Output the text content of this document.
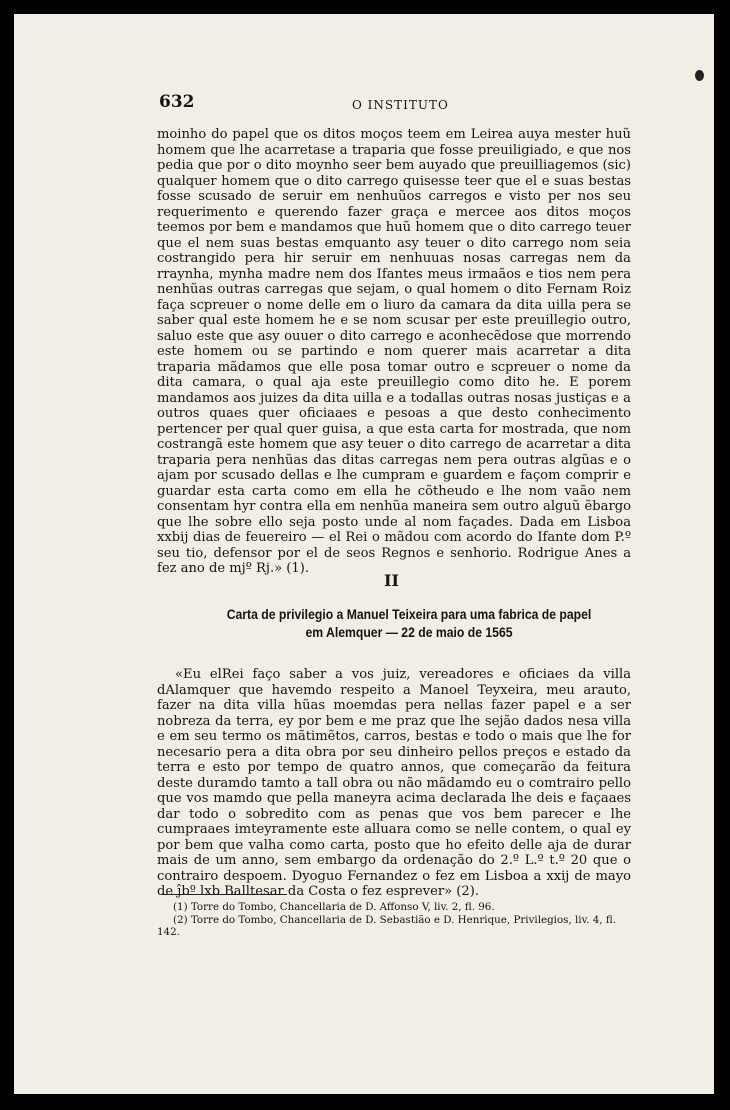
632	O INSTITUTO

moinho do papel que os ditos moços teem em Leirea auya mester huũ homem que lhe acarretase a traparia que fosse preuiligiado, e que nos pedia que por o dito moynho seer bem auyado que preuilliagemos (sic) qualquer homem que o dito carrego quisesse teer que el e suas bestas fosse scusado de seruir em nenhuũos carregos e visto per nos seu requerimento e querendo fazer graça e mercee aos ditos moços teemos por bem e mandamos que huũ homem que o dito carrego teuer que el nem suas bestas emquanto asy teuer o dito carrego nom seia costrangido pera hir seruir em nenhuuas nosas carregas nem da rraynha, mynha madre nem dos Ifantes meus irmaãos e tios nem pera nenhũas outras carregas que sejam, o qual homem o dito Fernam Roiz faça scpreuer o nome delle em o liuro da camara da dita uilla pera se saber qual este homem he e se nom scusar per este preuillegio outro, saluo este que asy ouuer o dito carrego e aconhecẽdose que morrendo este homem ou se partindo e nom querer mais acarretar a dita traparia mãdamos que elle posa tomar outro e scpreuer o nome da dita camara, o qual aja este preuillegio como dito he. E porem mandamos aos juizes da dita uilla e a todallas outras nosas justiças e a outros quaes quer oficiaaes e pesoas a que desto conhecimento pertencer per qual quer guisa, a que esta carta for mostrada, que nom costrangã este homem que asy teuer o dito carrego de acarretar a dita traparia pera nenhũas das ditas carregas nem pera outras algũas e o ajam por scusado dellas e lhe cumpram e guardem e façom comprir e guardar esta carta como em ella he cõtheudo e lhe nom vaão nem consentam hyr contra ella em nenhũa maneira sem outro alguũ ẽbargo que lhe sobre ello seja posto unde al nom façades. Dada em Lisboa xxbij dias de feuereiro — el Rei o mãdou com acordo do Ifante dom P.º seu tio, defensor por el de seos Regnos e senhorio. Rodrigue Anes a fez ano de mjº Rj.» (1).

II
Carta de privilegio a Manuel Teixeira para uma fabrica de papel
em Alemquer — 22 de maio de 1565

«Eu elRei faço saber a vos juiz, vereadores e oficiaes da villa dAlamquer que havemdo respeito a Manoel Teyxeira, meu arauto, fazer na dita villa hũas moemdas pera nellas fazer papel e a ser nobreza da terra, ey por bem e me praz que lhe sejão dados nesa villa e em seu termo os mãtimẽtos, carros, bestas e todo o mais que lhe for necesario pera a dita obra por seu dinheiro pellos preços e estado da terra e esto por tempo de quatro annos, que começarão da feitura deste duramdo tamto a tall obra ou não mãdamdo eu o comtrairo pello que vos mamdo que pella maneyra acima declarada lhe deis e façaaes dar todo o sobredito com as penas que vos bem parecer e lhe cumpraaes imteyramente este alluara como se nelle contem, o qual ey por bem que valha como carta, posto que ho efeito delle aja de durar mais de um anno, sem embargo da ordenação do 2.º L.º t.º 20 que o contrairo despoem. Dyoguo Fernandez o fez em Lisboa a xxij de mayo de ĵbº lxb Balltesar da Costa o fez esprever» (2).

(1) Torre do Tombo, Chancellaria de D. Affonso V, liv. 2, fl. 96.
(2) Torre do Tombo, Chancellaria de D. Sebastião e D. Henrique, Privilegios, liv. 4, fl. 142.
